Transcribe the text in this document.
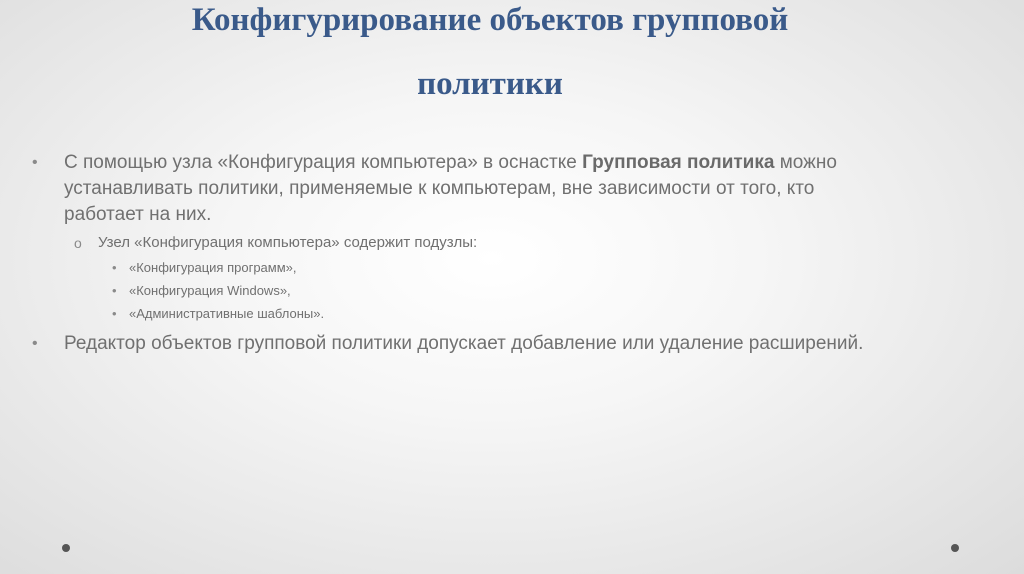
Конфигурирование объектов групповой
политики
• С помощью узла «Конфигурация компьютера» в оснастке Групповая политика можно устанавливать политики, применяемые к компьютерам, вне зависимости от того, кто работает на них.
o Узел «Конфигурация компьютера» содержит подузлы:
• «Конфигурация программ»,
• «Конфигурация Windows»,
• «Административные шаблоны».
• Редактор объектов групповой политики допускает добавление или удаление расширений.
